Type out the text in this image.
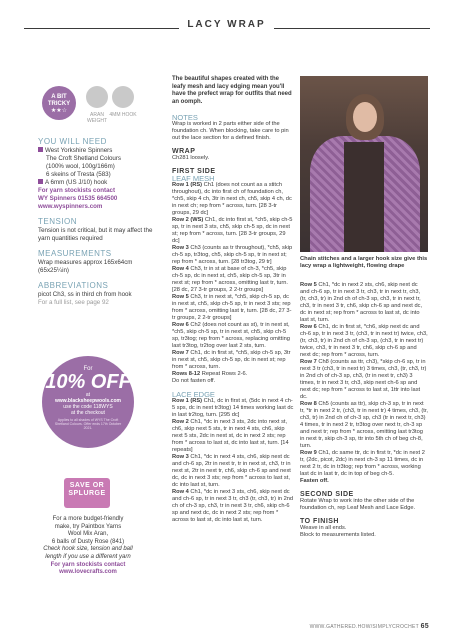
LACY WRAP
A BIT
TRICKY
★★☆
ARAN WEIGHT
4MM HOOK
YOU WILL NEED
West Yorkshire Spinners
The Croft Shetland Colours
(100% wool, 100g/166m)
6 skeins of Tresta (583)
A 6mm (US J/10) hook
For yarn stockists contact
WY Spinners 01535 664500
www.wyspinners.com
TENSION
Tension is not critical, but it may affect the yarn quantities required
MEASUREMENTS
Wrap measures approx 165x64cm (65x25¼in)
ABBREVIATIONS
picot Ch3, ss in third ch from hook
For a full list, see page 92
For
10% OFF
at
www.blacksheepwools.com
use the code 118WYS
at the checkout
Applies to all shades of WYS The Croft Shetland Colours. Offer ends 17th October 2021.
SAVE OR SPLURGE
For a more budget-friendly
make, try Paintbox Yarns
Wool Mix Aran,
6 balls of Dusty Rose (841)
Check hook size, tension and ball length if you use a different yarn
For yarn stockists contact
www.lovecrafts.com
The beautiful shapes created with the leafy mesh and lacy edging mean you'll have the prefect wrap for outfits that need an oomph.
NOTES
Wrap is worked in 2 parts either side of the foundation ch. When blocking, take care to pin out the lace section for a defined finish.
WRAP
Ch281 loosely.
FIRST SIDE
LEAF MESH
Row 1 (RS) Ch1 (does not count as a stitch throughout), dc into first ch of foundation ch, *ch5, skip 4 ch, 3tr in next ch, ch5, skip 4 ch, dc in next ch; rep from * across, turn. [28 3-tr groups, 29 dc]
Row 2 (WS) Ch1, dc into first st, *ch5, skip ch-5 sp, tr in next 3 sts, ch5, skip ch-5 sp, dc in next st; rep from * across, turn. [28 3-tr groups, 29 dc]
Row 3 Ch3 (counts as tr throughout), *ch5, skip ch-5 sp, tr3tog, ch5, skip ch-5 sp, tr in next st; rep from * across, turn. [28 tr3tog, 29 tr]
Row 4 Ch3, tr in st at base of ch-3, *ch5, skip ch-5 sp, dc in next st, ch5, skip ch-5 sp, 3tr in next st; rep from * across, omitting last tr, turn. [28 dc, 27 3-tr groups, 2 2-tr groups]
Row 5 Ch3, tr in next st, *ch5, skip ch-5 sp, dc in next st, ch5, skip ch-5 sp, tr in next 3 sts; rep from * across, omitting last tr, turn. [28 dc, 27 3-tr groups, 2 2-tr groups]
Row 6 Ch2 (does not count as st), tr in next st, *ch5, skip ch-5 sp, tr in next st, ch5, skip ch-5 sp, tr3tog; rep from * across, replacing omitting last tr3tog, tr2tog over last 2 sts, turn.
Row 7 Ch1, dc in first st, *ch5, skip ch-5 sp, 3tr in next st, ch5, skip ch-5 sp, dc in next st; rep from * across, turn.
Rows 8-12 Repeat Rows 2-6.
Do not fasten off.
LACE EDGE
Row 1 (RS) Ch1, dc in first st, (5dc in next 4 ch-5 sps, dc in next tr3tog) 14 times working last dc in last tr2tog, turn. [295 dc]
Row 2 Ch1, *dc in next 3 sts, 2dc into next st, ch6, skip next 5 sts, tr in next 4 sts, ch6, skip next 5 sts, 2dc in next st, dc in next 2 sts; rep from * across to last st, dc into last st, turn. [14 repeats]
Row 3 Ch1, *dc in next 4 sts, ch6, skip next dc and ch-6 sp, 2tr in next tr, tr in next st, ch3, tr in next st, 2tr in next tr, ch6, skip ch-6 sp and next dc, dc in next 3 sts; rep from * across to last st, dc into last st, turn.
Row 4 Ch1, *dc in next 3 sts, ch6, skip next dc and ch-6 sp, tr in next 3 tr, ch3 (tr, ch3, tr) in 2nd ch of ch-3 sp, ch3, tr in next 3 tr, ch6, skip ch-6 sp and next dc, dc in next 2 sts; rep from * across to last st, dc into last st, turn.
Chain stitches and a larger hook size give this lacy wrap a lightweight, flowing drape
Row 5 Ch1, *dc in next 2 sts, ch6, skip next dc and ch-6 sp, tr in next 3 tr, ch3, tr in next tr, ch3, (tr, ch3, tr) in 2nd ch of ch-3 sp, ch3, tr in next tr, ch3, tr in next 3 tr, ch6, skip ch-6 sp and next dc, dc in next st; rep from * across to last st, dc into last st, turn.
Row 6 Ch1, dc in first st, *ch6, skip next dc and ch-6 sp, tr in next 3 tr, (ch3, tr in next tr) twice, ch3, (tr, ch3, tr) in 2nd ch of ch-3 sp, (ch3, tr in next tr) twice, ch3, tr in next 3 tr, ch6, skip ch-6 sp and next dc; rep from * across, turn.
Row 7 Ch8 (counts as ttr, ch3), *skip ch-6 sp, tr in next 3 tr (ch3, tr in next tr) 3 times, ch3, (tr, ch3, tr) in 2nd ch of ch-3 sp, ch3, (tr in next tr, ch3) 3 times, tr in next 3 tr, ch3, skip next ch-6 sp and next dc; rep from * across to last st, 1ttr into last dc.
Row 8 Ch5 (counts as ttr), skip ch-3 sp, tr in next tr, *tr in next 2 tr, (ch3, tr in next tr) 4 times, ch3, (tr, ch3, tr) in 2nd ch of ch-3 sp, ch3 (tr in next tr, ch3) 4 times, tr in next 2 tr, tr3tog over next tr, ch-3 sp and next tr; rep from * across, omitting last tr3tog in next tr, skip ch-3 sp, ttr into 5th ch of beg ch-8, turn.
Row 9 Ch1, dc same ttr, dc in first tr, *dc in next 2 tr, (2dc, picot, 2dc) in next ch-3 sp 11 times, dc in next 2 tr, dc in tr3tog; rep from * across, working last dc in last tr, dc in top of beg ch-5.
Fasten off.
SECOND SIDE
Rotate Wrap to work into the other side of the foundation ch, rep Leaf Mesh and Lace Edge.
TO FINISH
Weave in all ends.
Block to measurements listed.
WWW.GATHERED.HOW/SIMPLYCROCHET 65
